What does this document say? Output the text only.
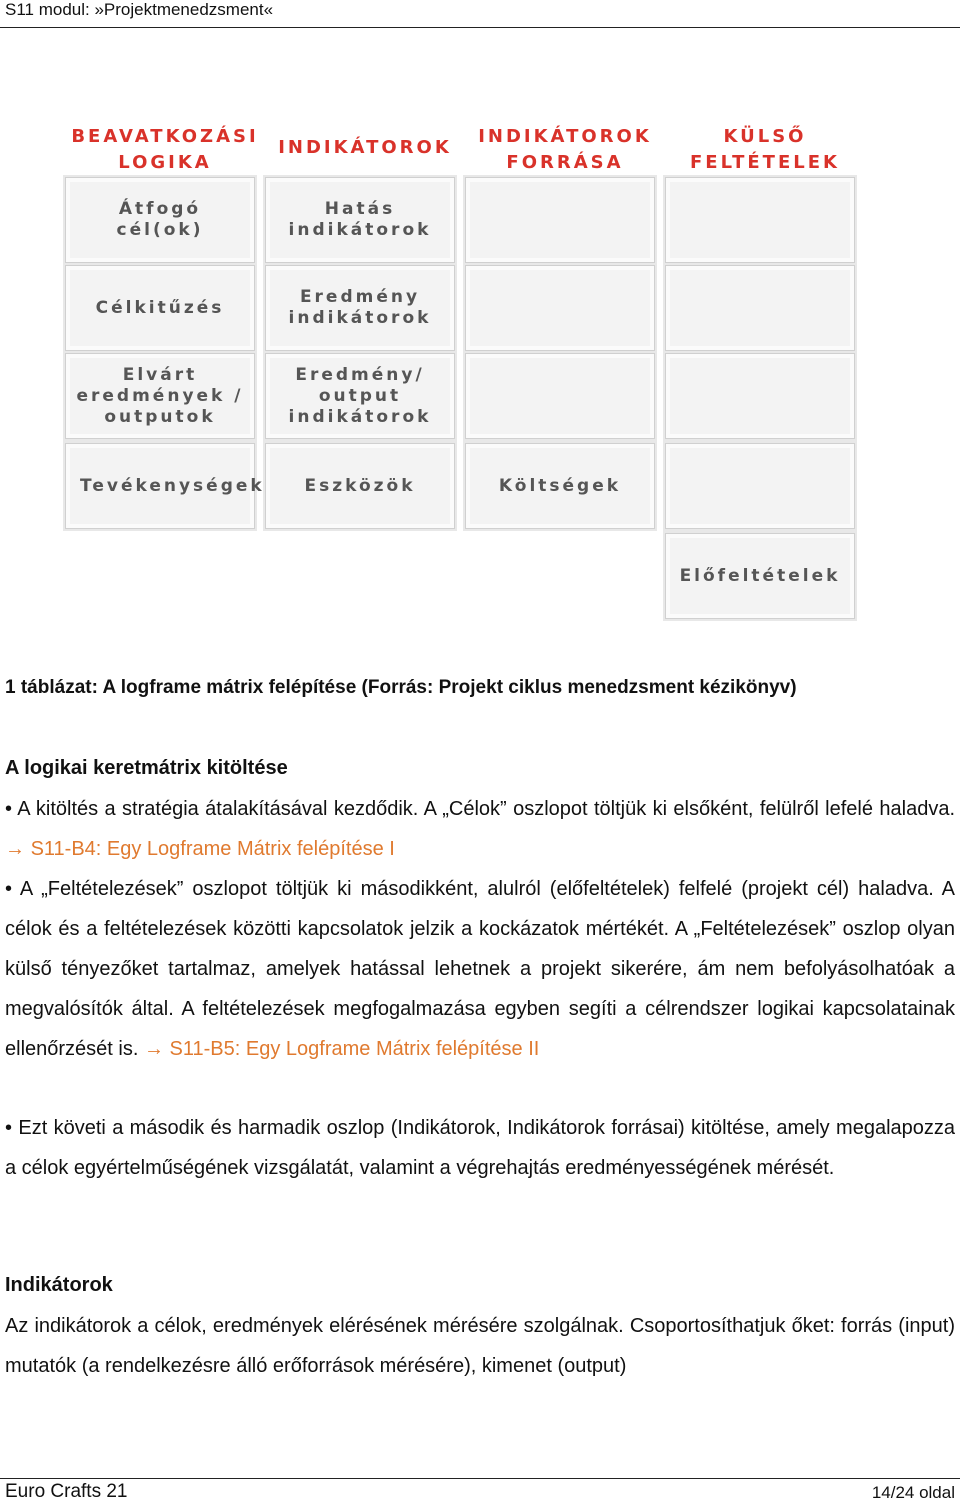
S11 modul: »Projektmenedzsment«
BEAVATKOZÁSI
LOGIKA
INDIKÁTOROK
INDIKÁTOROK
FORRÁSA
KÜLSŐ
FELTÉTELEK
Átfogó
cél(ok)
Hatás
indikátorok
Célkitűzés
Eredmény
indikátorok
Elvárt
eredmények /
outputok
Eredmény/
output
indikátorok
Tevékenységek Eszközök	Költségek
Előfeltételek
1 táblázat: A logframe mátrix felépítése (Forrás: Projekt ciklus menedzsment kézikönyv)
A logikai keretmátrix kitöltése
• A kitöltés a stratégia átalakításával kezdődik. A „Célok” oszlopot töltjük ki elsőként, felülről lefelé haladva. → S11-B4: Egy Logframe Mátrix felépítése I
• A „Feltételezések” oszlopot töltjük ki másodikként, alulról (előfeltételek) felfelé (projekt cél) haladva. A célok és a feltételezések közötti kapcsolatok jelzik a kockázatok mértékét. A „Feltételezések” oszlop olyan külső tényezőket tartalmaz, amelyek hatással lehetnek a projekt sikerére, ám nem befolyásolhatóak a megvalósítók által. A feltételezések megfogalmazása egyben segíti a célrendszer logikai kapcsolatainak ellenőrzését is. → S11-B5: Egy Logframe Mátrix felépítése II
• Ezt követi a második és harmadik oszlop (Indikátorok, Indikátorok forrásai) kitöltése, amely megalapozza a célok egyértelműségének vizsgálatát, valamint a végrehajtás eredményességének mérését.
Indikátorok
Az indikátorok a célok, eredmények elérésének mérésére szolgálnak. Csoportosíthatjuk őket: forrás (input) mutatók (a rendelkezésre álló erőforrások mérésére), kimenet (output)
Euro Crafts 21	14/24 oldal
